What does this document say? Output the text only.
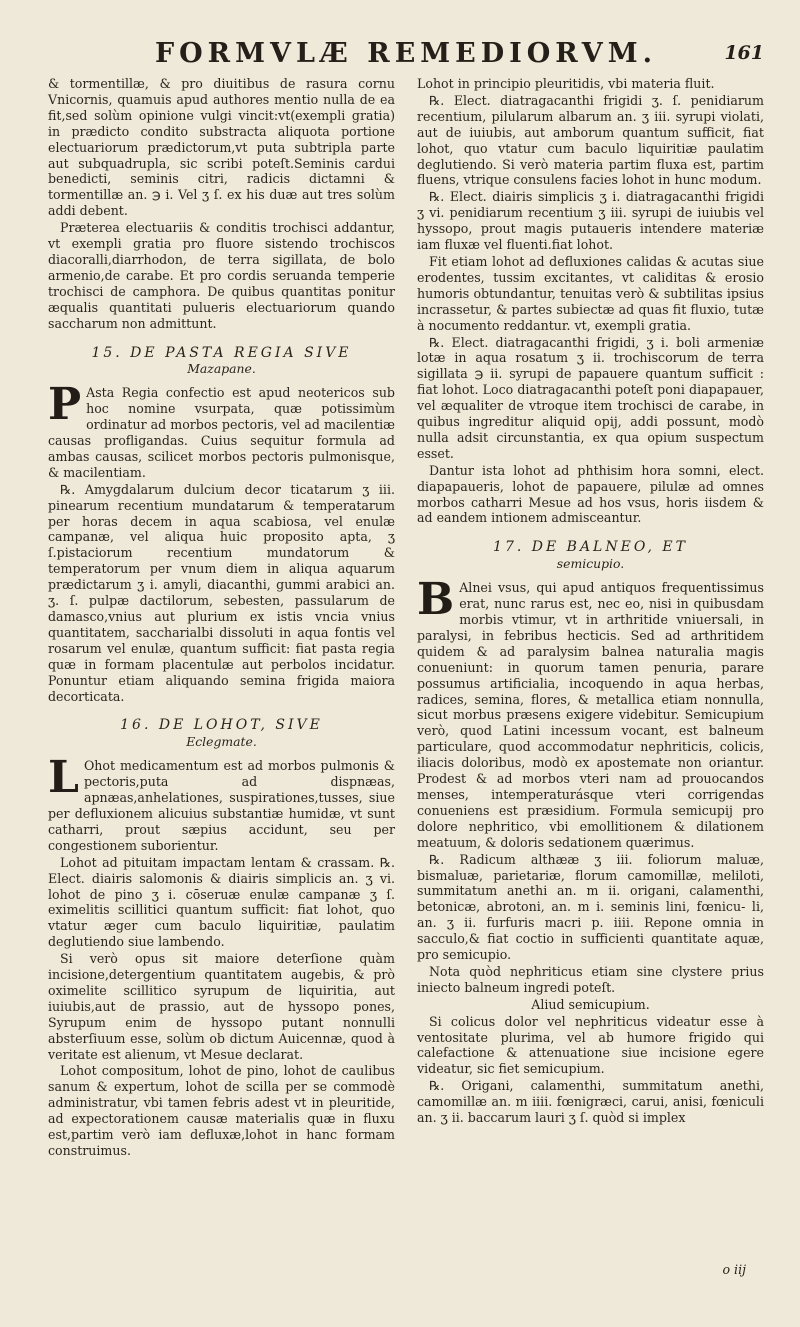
FORMVLÆ REMEDIORVM.	161

& tormentillæ, & pro diuitibus de rasura cornu Vnicornis, quamuis apud authores mentio nulla de ea fit,sed solùm opinione vulgi vincit:vt(exempli gratia) in prædicto condito substracta aliquota portione electuariorum prædictorum,vt puta subtripla parte aut subquadrupla, sic scribi poteſt.Seminis cardui benedicti, seminis citri, radicis dictamni & tormentillæ an. ℈ i. Vel ʒ ſ. ex his duæ aut tres solùm addi debent.

Præterea electuariis & conditis trochisci addantur, vt exempli gratia pro fluore sistendo trochiscos diacoralli,diarrhodon, de terra sigillata, de bolo armenio,de carabe. Et pro cordis seruanda temperie trochisci de camphora. De quibus quantitas ponitur æqualis quantitati pulueris electuariorum quando saccharum non admittunt.

15. DE PASTA REGIA SIVE
Mazapane.

P Asta Regia confectio est apud neotericos sub hoc nomine vsurpata, quæ potissimùm ordinatur ad morbos pectoris, vel ad macilentiæ causas profligandas. Cuius sequitur formula ad ambas causas, scilicet morbos pectoris pulmonisque, & macilentiam.

℞. Amygdalarum dulcium decor ticatarum ʒ iii. pinearum recentium mundatarum & temperatarum per horas decem in aqua scabiosa, vel enulæ campanæ, vel aliqua huic proposito apta, ʒ ſ.pistaciorum recentium mundatorum & temperatorum per vnum diem in aliqua aquarum prædictarum ʒ i. amyli, diacanthi, gummi arabici an. ʒ. ſ. pulpæ dactilorum, sebesten, passularum de damasco,vnius aut plurium ex istis vncia vnius quantitatem, saccharialbi dissoluti in aqua fontis vel rosarum vel enulæ, quantum sufficit: fiat pasta regia quæ in formam placentulæ aut perbolos incidatur. Ponuntur etiam aliquando semina frigida maiora decorticata.

16. DE LOHOT, SIVE
Eclegmate.

L Ohot medicamentum est ad morbos pulmonis & pectoris,puta ad dispnæas, apnæas,anhelationes, suspirationes,tusses, siue per defluxionem alicuius substantiæ humidæ, vt sunt catharri, prout sæpius accidunt, seu per congestionem suborientur.

Lohot ad pituitam impactam lentam & crassam. ℞. Elect. diairis salomonis & diairis simplicis an. ʒ vi. lohot de pino ʒ i. cōseruæ enulæ campanæ ʒ ſ. eximelitis scillitici quantum sufficit: fiat lohot, quo vtatur æger cum baculo liquiritiæ, paulatim deglutiendo siue lambendo.

Si verò opus sit maiore deterſione quàm incisione,detergentium quantitatem augebis, & prò oximelite scillitico syrupum de liquiritia, aut iuiubis,aut de prassio, aut de hyssopo pones, Syrupum enim de hyssopo putant nonnulli absterſiuum esse, solùm ob dictum Auicennæ, quod à veritate est alienum, vt Mesue declarat.

Lohot compositum, lohot de pino, lohot de caulibus sanum & expertum, lohot de scilla per se commodè administratur, vbi tamen febris adest vt in pleuritide, ad expectorationem causæ materialis quæ in fluxu est,partim verò iam defluxæ,lohot in hanc formam construimus.

Lohot in principio pleuritidis, vbi materia fluit.

℞. Elect. diatragacanthi frigidi ʒ. ſ. penidiarum recentium, pilularum albarum an. ʒ iii. syrupi violati, aut de iuiubis, aut amborum quantum sufficit, fiat lohot, quo vtatur cum baculo liquiritiæ paulatim deglutiendo. Si verò materia partim fluxa est, partim fluens, vtrique consulens facies lohot in hunc modum.

℞. Elect. diairis simplicis ʒ i. diatragacanthi frigidi ʒ vi. penidiarum recentium ʒ iii. syrupi de iuiubis vel hyssopo, prout magis putaueris intendere materiæ iam fluxæ vel fluenti.fiat lohot.

Fit etiam lohot ad defluxiones calidas & acutas siue erodentes, tussim excitantes, vt caliditas & erosio humoris obtundantur, tenuitas verò & subtilitas ipsius incrassetur, & partes subiectæ ad quas fit fluxio, tutæ à nocumento reddantur. vt, exempli gratia.

℞. Elect. diatragacanthi frigidi, ʒ i. boli armeniæ lotæ in aqua rosatum ʒ ii. trochiscorum de terra sigillata ℈ ii. syrupi de papauere quantum sufficit : fiat lohot. Loco diatragacanthi poteſt poni diapapauer, vel æqualiter de vtroque item trochisci de carabe, in quibus ingreditur aliquid opij, addi possunt, modò nulla adsit circunstantia, ex qua opium suspectum esset.

Dantur ista lohot ad phthisim hora somni, elect. diapapaueris, lohot de papauere, pilulæ ad omnes morbos catharri Mesue ad hos vsus, horis iisdem & ad eandem intionem admisceantur.

17. DE BALNEO, ET
semicupio.

B Alnei vsus, qui apud antiquos frequentissimus erat, nunc rarus est, nec eo, nisi in quibusdam morbis vtimur, vt in arthritide vniuersali, in paralysi, in febribus hecticis. Sed ad arthritidem quidem & ad paralysim balnea naturalia magis conueniunt: in quorum tamen penuria, parare possumus artificialia, incoquendo in aqua herbas, radices, semina, flores, & metallica etiam nonnulla, sicut morbus præsens exigere videbitur. Semicupium verò, quod Latini incessum vocant, est balneum particulare, quod accommodatur nephriticis, colicis, iliacis doloribus, modò ex apostemate non oriantur. Prodest & ad morbos vteri nam ad prouocandos menses, intemperaturásque vteri corrigendas conueniens est præsidium. Formula semicupij pro dolore nephritico, vbi emollitionem & dilationem meatuum, & doloris sedationem quærimus.

℞. Radicum althææ ʒ iii. foliorum maluæ, bismaluæ, parietariæ, florum camomillæ, meliloti, summitatum anethi an. m ii. origani, calamenthi, betonicæ, abrotoni, an. m i. seminis lini, fœnicu- li, an. ʒ ii. furfuris macri p. iiii. Repone omnia in sacculo,& fiat coctio in sufficienti quantitate aquæ, pro semicupio.

Nota quòd nephriticus etiam sine clystere prius iniecto balneum ingredi poteſt.

Aliud semicupium.

Si colicus dolor vel nephriticus videatur esse à ventositate plurima, vel ab humore frigido qui calefactione & attenuatione siue incisione egere videatur, sic fiet semicupium.

℞. Origani, calamenthi, summitatum anethi, camomillæ an. m iiii. fœnigræci, carui, anisi, fœniculi an. ʒ ii. baccarum lauri ʒ ſ. quòd si implex

o iij
